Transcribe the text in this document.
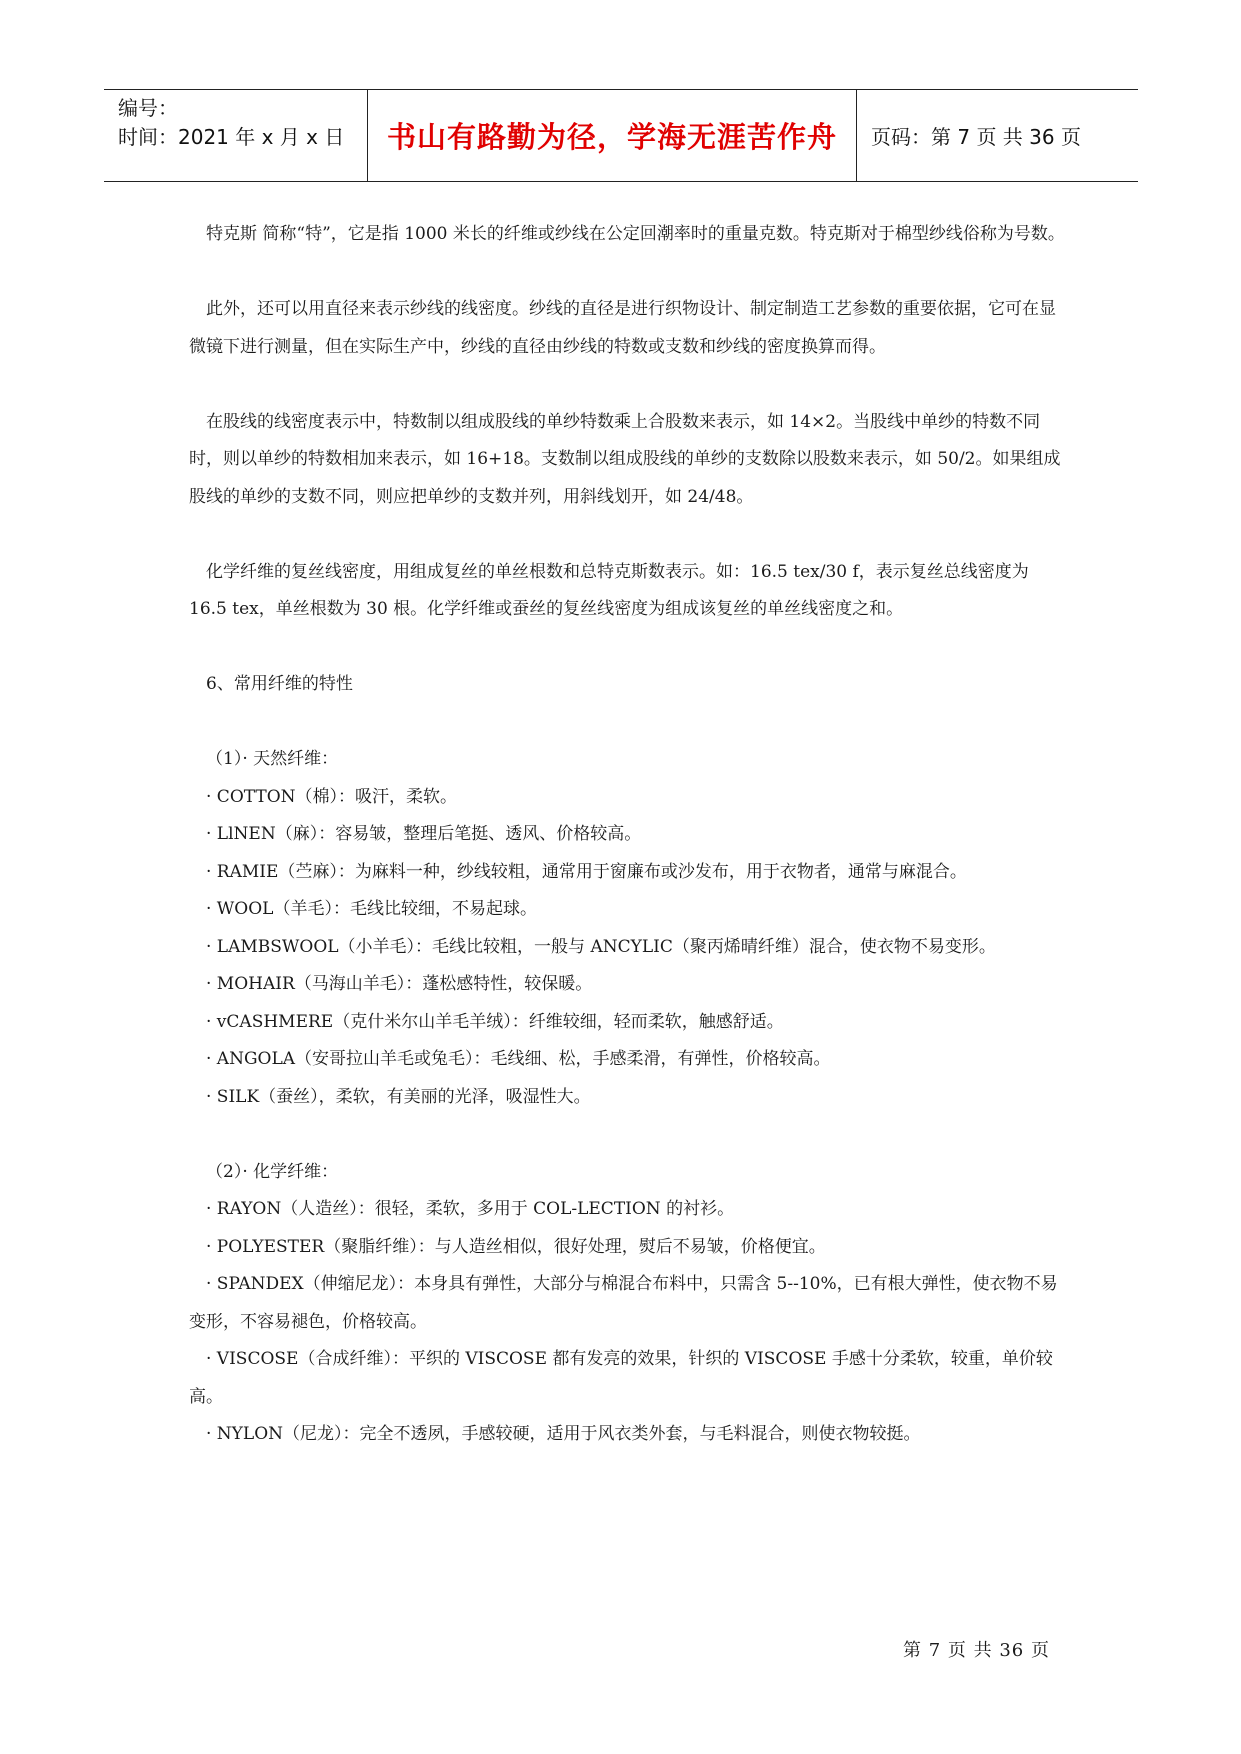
编号：
时间：2021 年 x 月 x 日	书山有路勤为径，学海无涯苦作舟	页码：第 7 页 共 36 页

特克斯 简称“特”，它是指 1000 米长的纤维或纱线在公定回潮率时的重量克数。特克斯对于棉型纱线俗称为号数。

此外，还可以用直径来表示纱线的线密度。纱线的直径是进行织物设计、制定制造工艺参数的重要依据，它可在显微镜下进行测量，但在实际生产中，纱线的直径由纱线的特数或支数和纱线的密度换算而得。

在股线的线密度表示中，特数制以组成股线的单纱特数乘上合股数来表示，如 14×2。当股线中单纱的特数不同时，则以单纱的特数相加来表示，如 16+18。支数制以组成股线的单纱的支数除以股数来表示，如 50/2。如果组成股线的单纱的支数不同，则应把单纱的支数并列，用斜线划开，如 24/48。

化学纤维的复丝线密度，用组成复丝的单丝根数和总特克斯数表示。如：16.5 tex/30 f，表示复丝总线密度为 16.5 tex，单丝根数为 30 根。化学纤维或蚕丝的复丝线密度为组成该复丝的单丝线密度之和。

6、常用纤维的特性

（1）· 天然纤维：

· COTTON（棉）：吸汗，柔软。

· LlNEN（麻）：容易皱，整理后笔挺、透风、价格较高。

· RAMIE（苎麻）：为麻料一种，纱线较粗，通常用于窗廉布或沙发布，用于衣物者，通常与麻混合。

· WOOL（羊毛）：毛线比较细，不易起球。

· LAMBSWOOL（小羊毛）：毛线比较粗，一般与 ANCYLIC（聚丙烯晴纤维）混合，使衣物不易变形。

· MOHAIR（马海山羊毛）：蓬松感特性，较保暖。

· vCASHMERE（克什米尔山羊毛羊绒）：纤维较细，轻而柔软，触感舒适。

· ANGOLA（安哥拉山羊毛或兔毛）：毛线细、松，手感柔滑，有弹性，价格较高。

· SILK（蚕丝），柔软，有美丽的光泽，吸湿性大。

（2）· 化学纤维：

· RAYON（人造丝）：很轻，柔软，多用于 COL-LECTION 的衬衫。

· POLYESTER（聚脂纤维）：与人造丝相似，很好处理，熨后不易皱，价格便宜。

· SPANDEX（伸缩尼龙）：本身具有弹性，大部分与棉混合布料中，只需含 5--10%，已有根大弹性，使衣物不易变形，不容易褪色，价格较高。

· VISCOSE（合成纤维）：平织的 VISCOSE 都有发亮的效果，针织的 VISCOSE 手感十分柔软，较重，单价较高。

· NYLON（尼龙）：完全不透夙，手感较硬，适用于风衣类外套，与毛料混合，则使衣物较挺。

第 7 页 共 36 页
